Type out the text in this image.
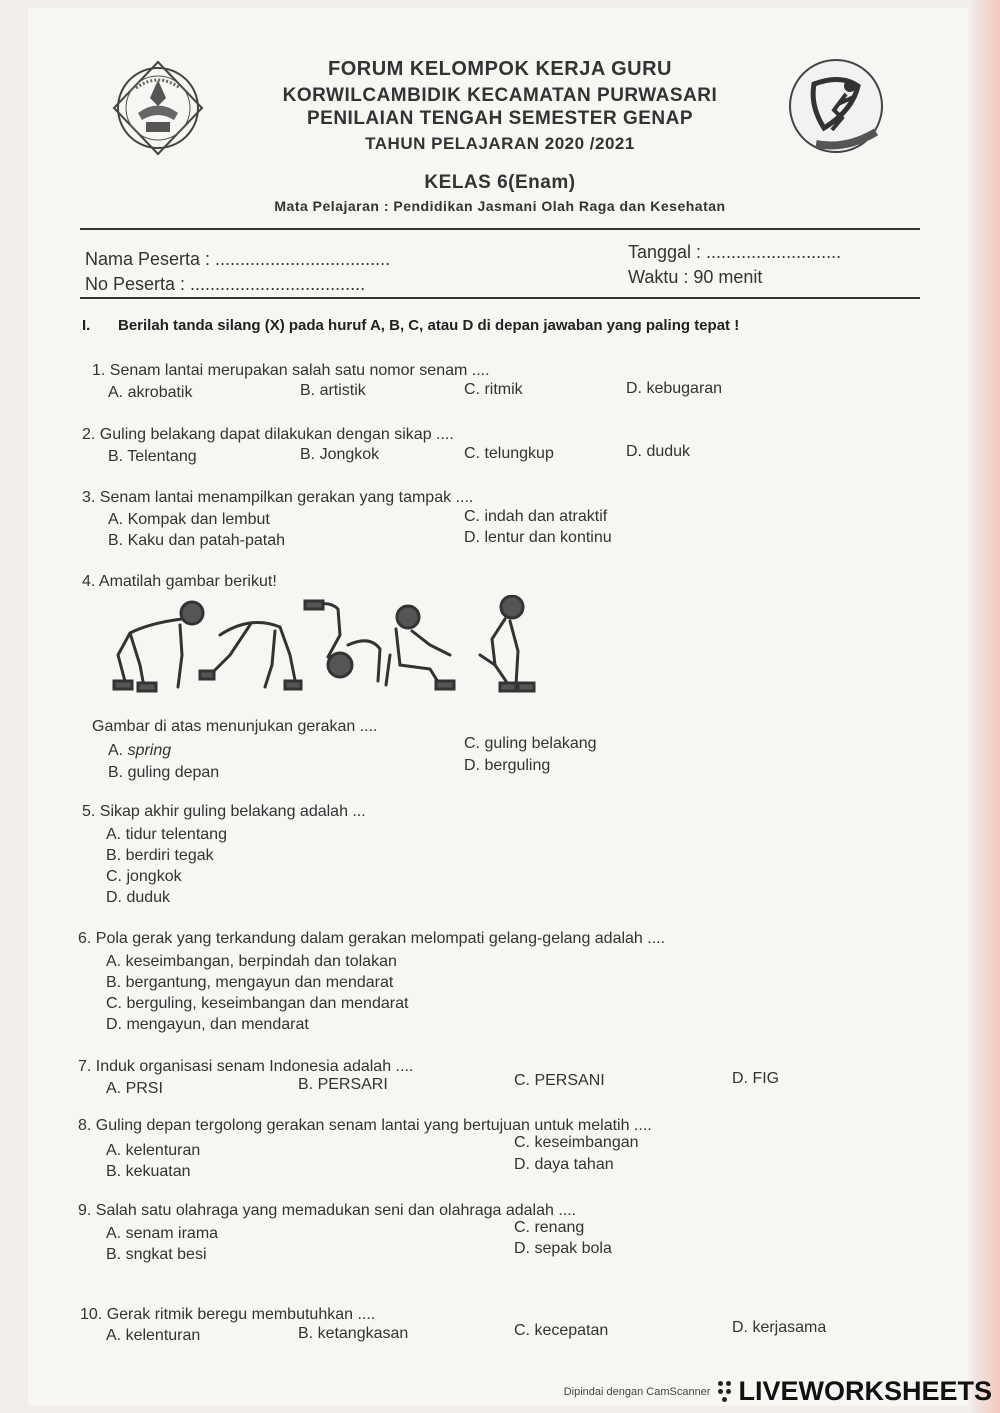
FORUM KELOMPOK KERJA GURU
KORWILCAMBIDIK KECAMATAN PURWASARI
PENILAIAN TENGAH SEMESTER GENAP
TAHUN PELAJARAN 2020 /2021
KELAS 6(Enam)
Mata Pelajaran : Pendidikan Jasmani Olah Raga dan Kesehatan
Nama Peserta : ...................................
No Peserta : ...................................
Tanggal : ...........................
Waktu : 90 menit
I. Berilah tanda silang (X) pada huruf A, B, C, atau D di depan jawaban yang paling tepat !
1. Senam lantai merupakan salah satu nomor senam ....
A. akrobatik	B. artistik	C. ritmik	D. kebugaran
2. Guling belakang dapat dilakukan dengan sikap ....
B. Telentang	B. Jongkok	C. telungkup	D. duduk
3. Senam lantai menampilkan gerakan yang tampak ....
A. Kompak dan lembut
B. Kaku dan patah-patah
C. indah dan atraktif
D. lentur dan kontinu
4. Amatilah gambar berikut!
Gambar di atas menunjukan gerakan ....
A. spring
B. guling depan
C. guling belakang
D. berguling
5. Sikap akhir guling belakang adalah ...
A. tidur telentang
B. berdiri tegak
C. jongkok
D. duduk
6. Pola gerak yang terkandung dalam gerakan melompati gelang-gelang adalah ....
A. keseimbangan, berpindah dan tolakan
B. bergantung, mengayun dan mendarat
C. berguling, keseimbangan dan mendarat
D. mengayun, dan mendarat
7. Induk organisasi senam Indonesia adalah ....
A. PRSI	B. PERSARI	C. PERSANI	D. FIG
8. Guling depan tergolong gerakan senam lantai yang bertujuan untuk melatih ....
A. kelenturan
B. kekuatan
C. keseimbangan
D. daya tahan
9. Salah satu olahraga yang memadukan seni dan olahraga adalah ....
A. senam irama
B. sngkat besi
C. renang
D. sepak bola
10. Gerak ritmik beregu membutuhkan ....
A. kelenturan	B. ketangkasan	C. kecepatan	D. kerjasama
Dipindai dengan CamScanner LIVEWORKSHEETS
